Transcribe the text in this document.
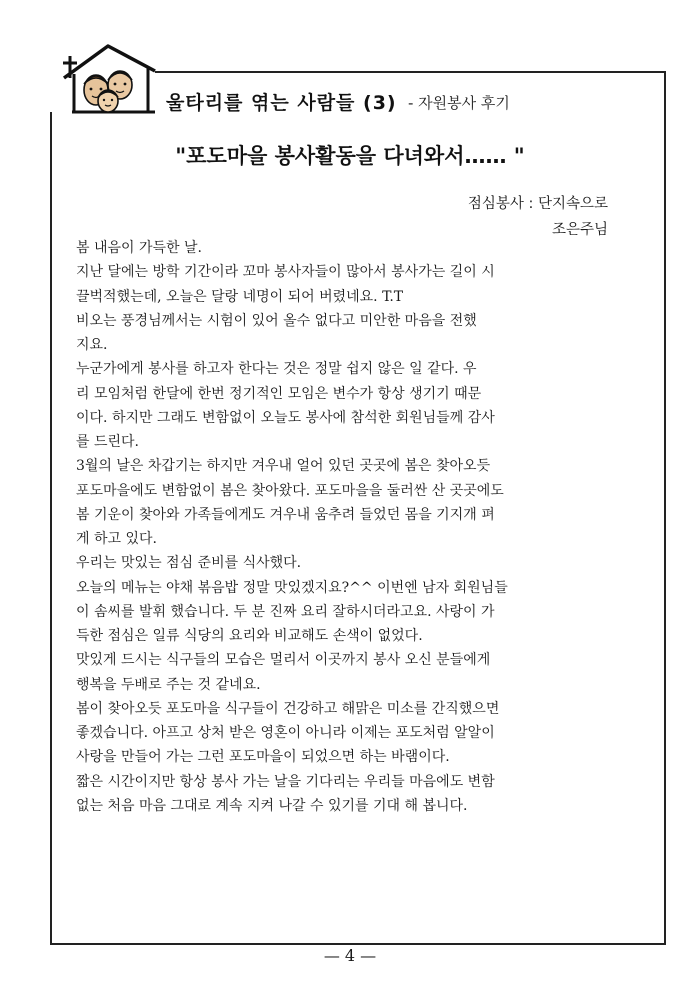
울타리를 엮는 사람들 (3) - 자원봉사 후기
"포도마을 봉사활동을 다녀와서…… "
점심봉사 : 단지속으로
조은주님
봄 내음이 가득한 날.
지난 달에는 방학 기간이라 꼬마 봉사자들이 많아서 봉사가는 길이 시
끌벅적했는데, 오늘은 달랑 네명이 되어 버렸네요. T.T
비오는 풍경님께서는 시험이 있어 올수 없다고 미안한 마음을 전했
지요.
누군가에게 봉사를 하고자 한다는 것은 정말 쉽지 않은 일 같다. 우
리 모임처럼 한달에 한번 정기적인 모임은 변수가 항상 생기기 때문
이다. 하지만 그래도 변함없이 오늘도 봉사에 참석한 회원님들께 감사
를 드린다.
3월의 날은 차갑기는 하지만 겨우내 얼어 있던 곳곳에 봄은 찾아오듯
포도마을에도 변함없이 봄은 찾아왔다. 포도마을을 둘러싼 산 곳곳에도
봄 기운이 찾아와 가족들에게도 겨우내 움추려 들었던 몸을 기지개 펴
게 하고 있다.
우리는 맛있는 점심 준비를 식사했다.
오늘의 메뉴는 야채 볶음밥 정말 맛있겠지요?^^ 이번엔 남자 회원님들
이 솜씨를 발휘 했습니다. 두 분 진짜 요리 잘하시더라고요. 사랑이 가
득한 점심은 일류 식당의 요리와 비교해도 손색이 없었다.
맛있게 드시는 식구들의 모습은 멀리서 이곳까지 봉사 오신 분들에게
행복을 두배로 주는 것 같네요.
봄이 찾아오듯 포도마을 식구들이 건강하고 해맑은 미소를 간직했으면
좋겠습니다. 아프고 상처 받은 영혼이 아니라 이제는 포도처럼 알알이
사랑을 만들어 가는 그런 포도마을이 되었으면 하는 바램이다.
짧은 시간이지만 항상 봉사 가는 날을 기다리는 우리들 마음에도 변함
없는 처음 마음 그대로 계속 지켜 나갈 수 있기를 기대 해 봅니다.
— 4 —
